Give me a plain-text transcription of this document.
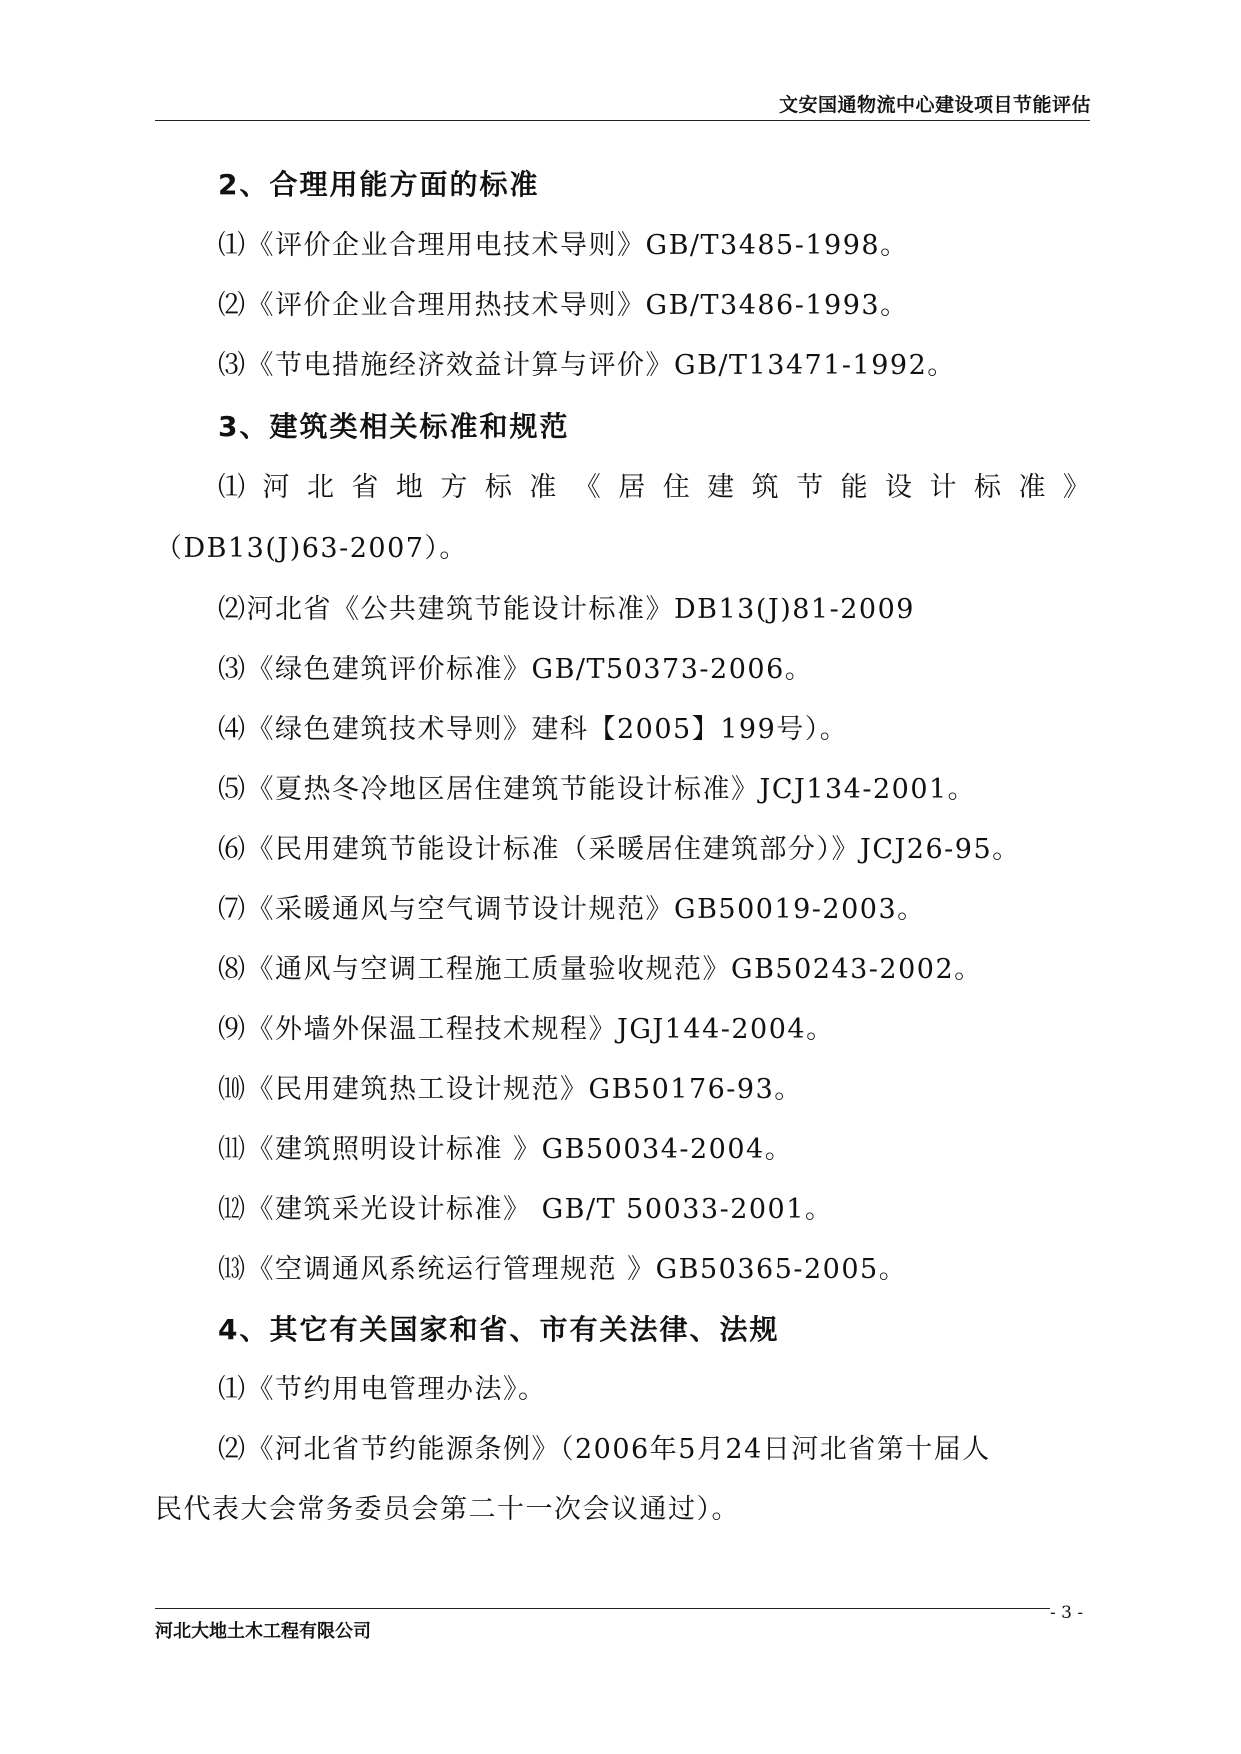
文安国通物流中心建设项目节能评估
2、合理用能方面的标准
⑴《评价企业合理用电技术导则》GB/T3485-1998。
⑵《评价企业合理用热技术导则》GB/T3486-1993。
⑶《节电措施经济效益计算与评价》GB/T13471-1992。
3、建筑类相关标准和规范
⑴ 河 北 省 地 方 标 准 《 居 住 建 筑 节 能 设 计 标 准 》
（DB13(J)63-2007）。
⑵河北省《公共建筑节能设计标准》DB13(J)81-2009
⑶《绿色建筑评价标准》GB/T50373-2006。
⑷《绿色建筑技术导则》建科【2005】199号）。
⑸《夏热冬冷地区居住建筑节能设计标准》JCJ134-2001。
⑹《民用建筑节能设计标准（采暖居住建筑部分）》JCJ26-95。
⑺《采暖通风与空气调节设计规范》GB50019-2003。
⑻《通风与空调工程施工质量验收规范》GB50243-2002。
⑼《外墙外保温工程技术规程》JGJ144-2004。
⑽《民用建筑热工设计规范》GB50176-93。
⑾《建筑照明设计标准 》GB50034-2004。
⑿《建筑采光设计标准》 GB/T 50033-2001。
⒀《空调通风系统运行管理规范 》GB50365-2005。
4、其它有关国家和省、市有关法律、法规
⑴《节约用电管理办法》。
⑵《河北省节约能源条例》（2006年5月24日河北省第十届人
民代表大会常务委员会第二十一次会议通过）。
河北大地土木工程有限公司
- 3 -
